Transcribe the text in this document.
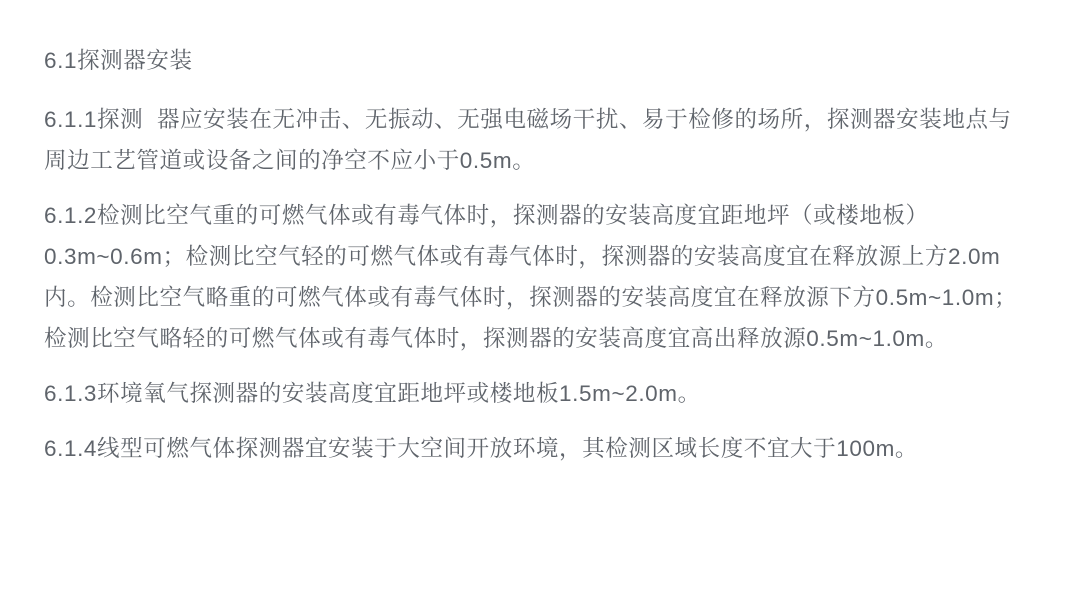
6.1探测器安装

6.1.1探测  器应安装在无冲击、无振动、无强电磁场干扰、易于检修的场所，探测器安装地点与周边工艺管道或设备之间的净空不应小于0.5m。

6.1.2检测比空气重的可燃气体或有毒气体时，探测器的安装高度宜距地坪（或楼地板）0.3m~0.6m；检测比空气轻的可燃气体或有毒气体时，探测器的安装高度宜在释放源上方2.0m内。检测比空气略重的可燃气体或有毒气体时，探测器的安装高度宜在释放源下方0.5m~1.0m；检测比空气略轻的可燃气体或有毒气体时，探测器的安装高度宜高出释放源0.5m~1.0m。

6.1.3环境氧气探测器的安装高度宜距地坪或楼地板1.5m~2.0m。

6.1.4线型可燃气体探测器宜安装于大空间开放环境，其检测区域长度不宜大于100m。
